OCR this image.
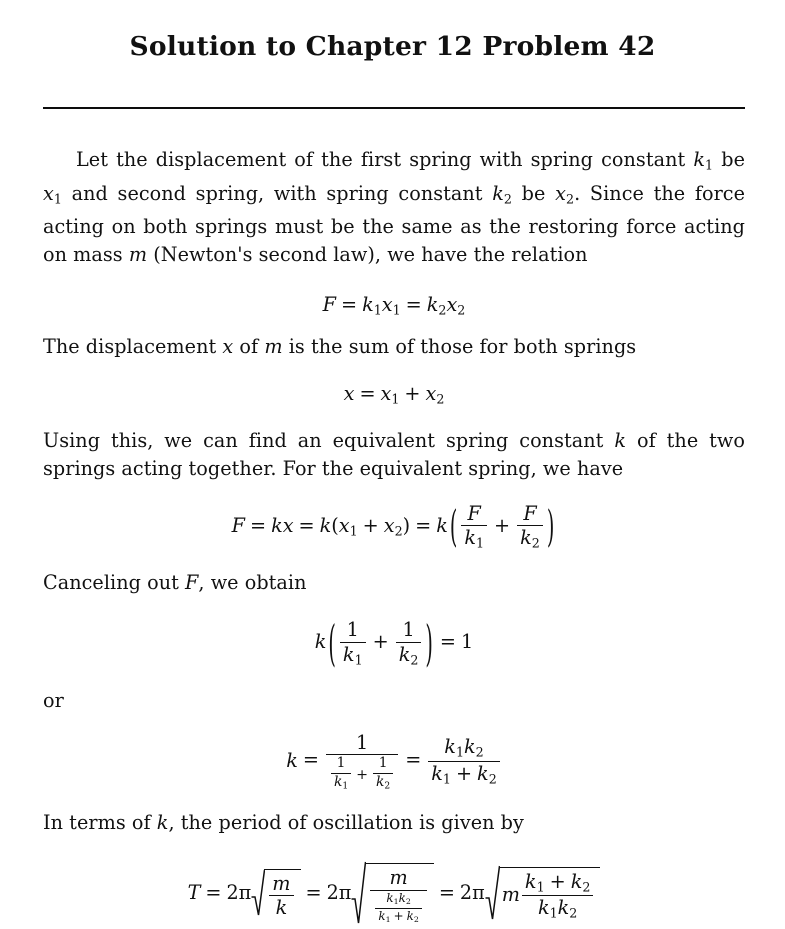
Solution to Chapter 12 Problem 42

Let the displacement of the first spring with spring constant $k_1$ be $x_1$ and second spring, with spring constant $k_2$ be $x_2$. Since the force acting on both springs must be the same as the restoring force acting on mass m (Newton's second law), we have the relation

$F = k_1x_1 = k_2x_2$

The displacement x of m is the sum of those for both springs

$x = x_1 + x_2$

Using this, we can find an equivalent spring constant k of the two springs acting together. For the equivalent spring, we have

F = kx = $k(x_1 + x_2) = k$ ( $\frac{F}{k_1} + \frac{F}{k_2}$ )

Canceling out F, we obtain

k ( $\frac{1}{k_1} + \frac{1}{k_2}$ ) = 1

or

$k = \frac{1}{\frac{1}{k_1} + \frac{1}{k_2}} = \frac{k_1k_2}{k_1 + k_2}$

In terms of k, the period of oscillation is given by

$T = 2\pi \frac{m}{k} = 2\pi \frac{m}{\frac{k_1k_2}{k_1 + k_2}} = 2\pi$ m $\frac{k_1 + k_2}{k_1k_2}$
